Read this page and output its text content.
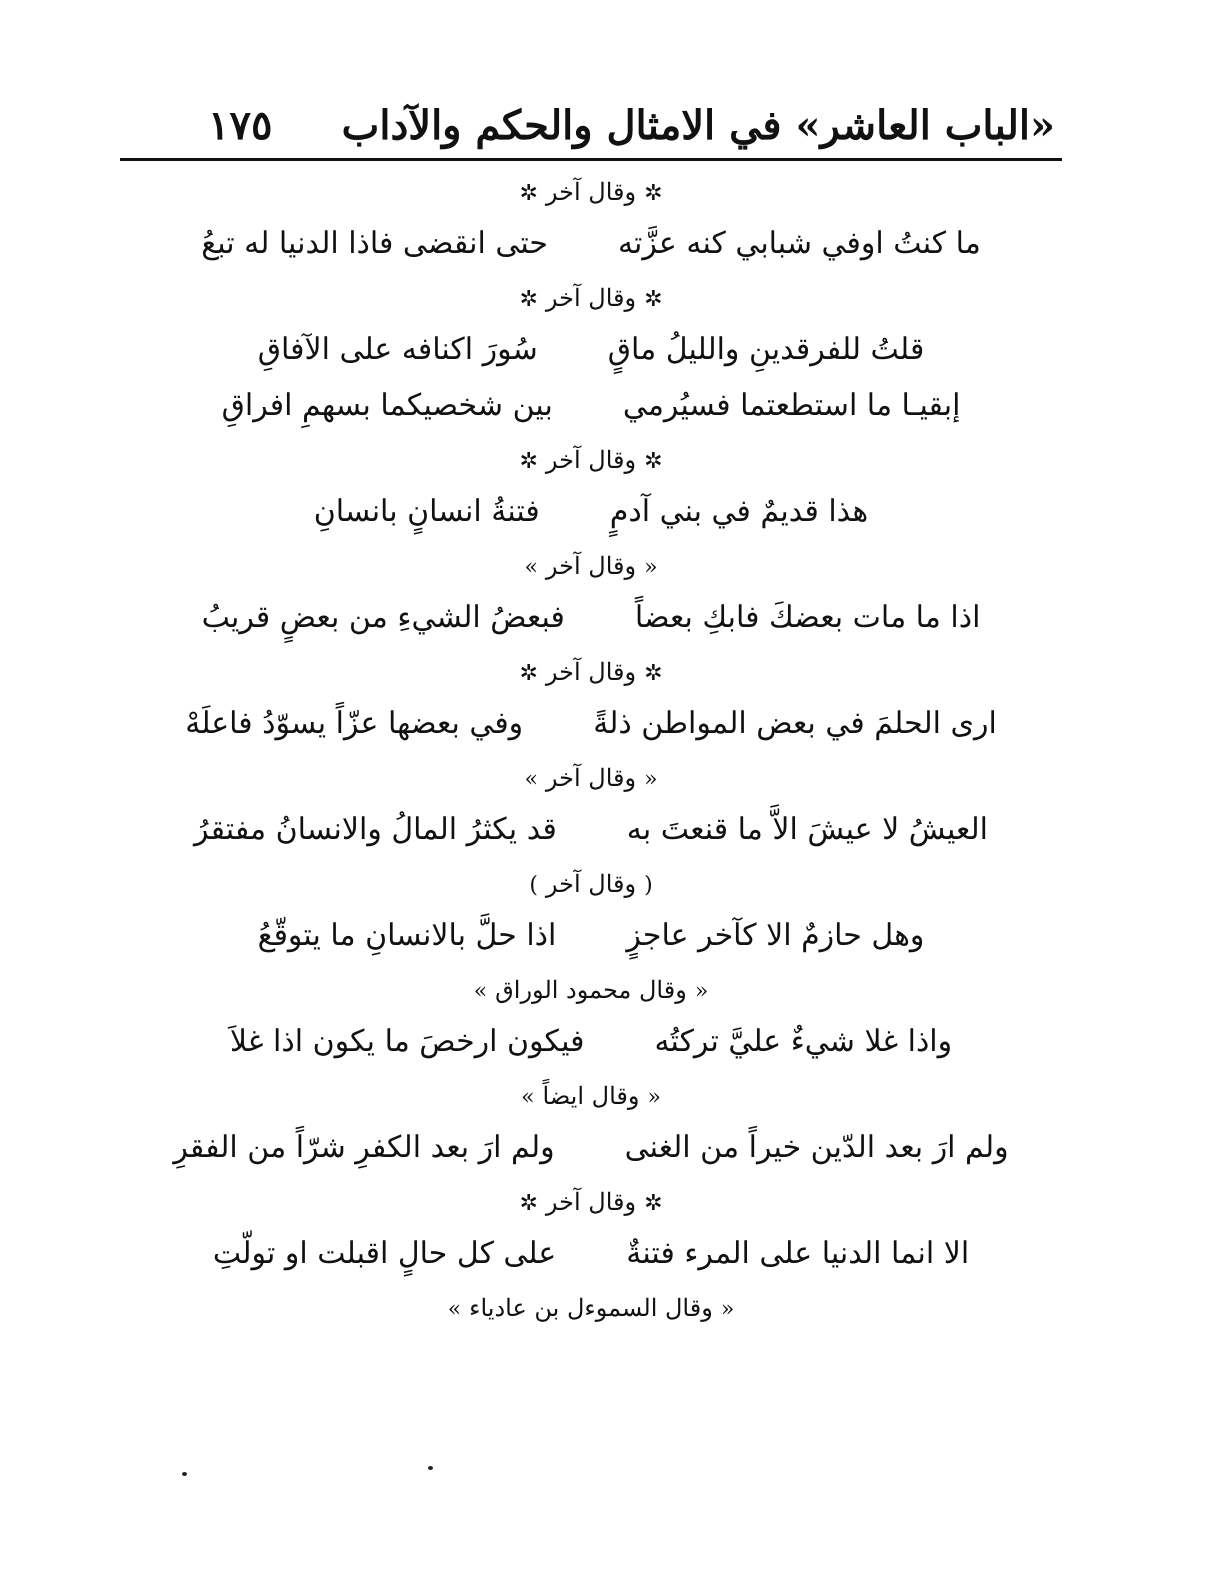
«الباب العاشر» في الامثال والحكم والآداب
١٧٥
✲وقال آخر✲
ما كنتُ اوفي شبابي كنه عزَّته
حتى انقضى فاذا الدنيا له تبعُ
✲وقال آخر✲
قلتُ للفرقدينِ والليلُ ماقٍ
سُورَ اكنافه على الآفاقِ
إبقيـا ما استطعتما فسيُرمي
بين شخصيكما بسهمِ افراقِ
✲وقال آخر✲
هذا قديمٌ في بني آدمٍ
فتنةُ انسانٍ بانسانِ
«وقال آخر»
اذا ما مات بعضكَ فابكِ بعضاً
فبعضُ الشيءِ من بعضٍ قريبُ
✲وقال آخر✲
ارى الحلمَ في بعض المواطن ذلةً
وفي بعضها عزّاً يسوّدُ فاعلَهْ
«وقال آخر»
العيشُ لا عيشَ الاَّ ما قنعتَ به
قد يكثرُ المالُ والانسانُ مفتقرُ
(وقال آخر)
وهل حازمٌ الا كآخر عاجزٍ
اذا حلَّ بالانسانِ ما يتوقّعُ
«وقال محمود الوراق»
واذا غلا شيءٌ عليَّ تركتُه
فيكون ارخصَ ما يكون اذا غلاَ
«وقال ايضاً»
ولم ارَ بعد الدّين خيراً من الغنى
ولم ارَ بعد الكفرِ شرّاً من الفقرِ
✲وقال آخر✲
الا انما الدنيا على المرء فتنةٌ
على كل حالٍ اقبلت او تولّتِ
«وقال السموءل بن عادياء»
